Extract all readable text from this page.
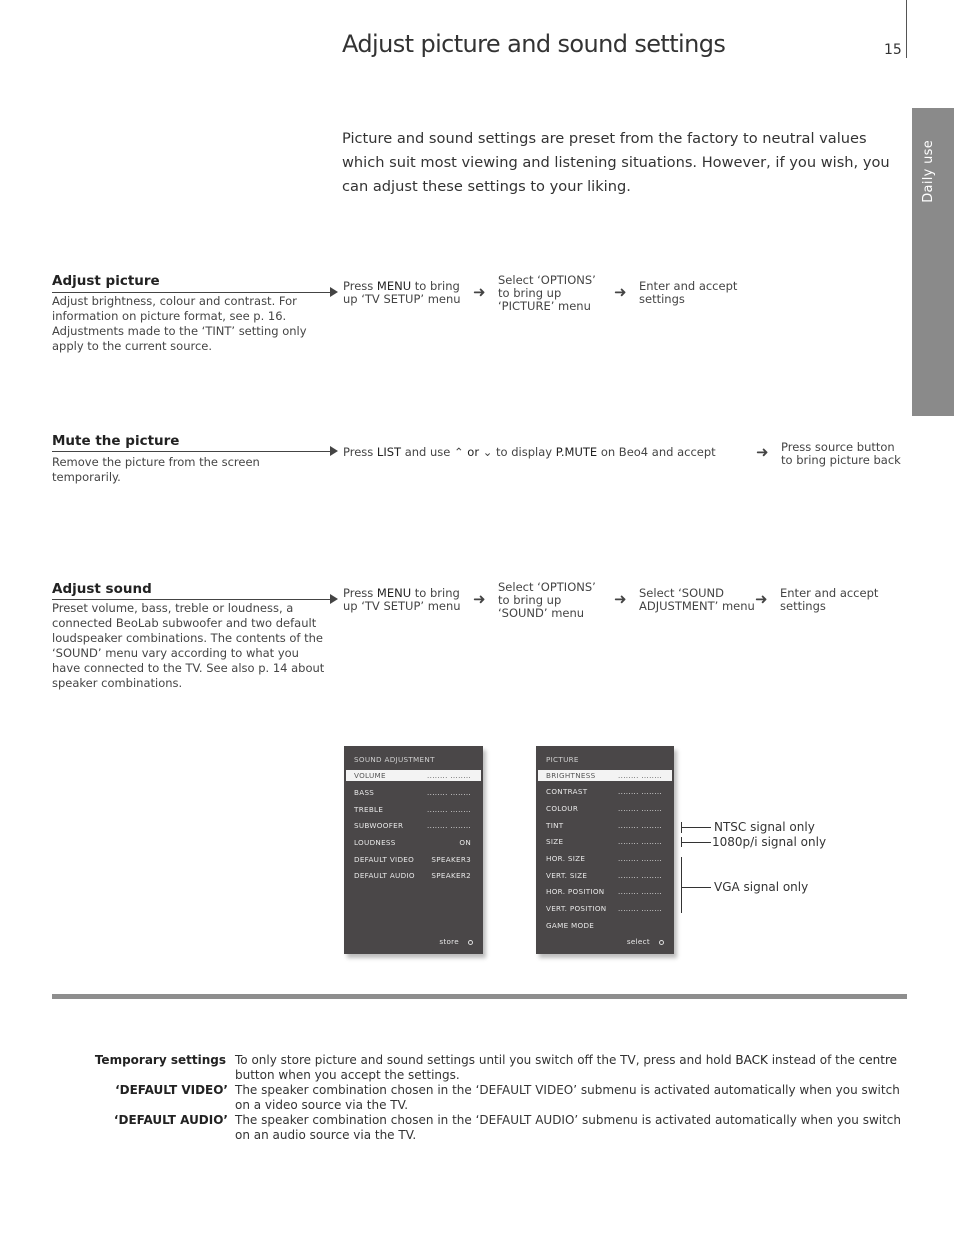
Adjust picture and sound settings	15
Daily use
Picture and sound settings are preset from the factory to neutral values which suit most viewing and listening situations. However, if you wish, you can adjust these settings to your liking.
Adjust picture
Adjust brightness, colour and contrast. For information on picture format, see p. 16. Adjustments made to the ‘TINT’ setting only apply to the current source.
Press MENU to bring up ‘TV SETUP’ menu ➜
Select ‘OPTIONS’ to bring up ‘PICTURE’ menu
➜ Enter and accept settings
Mute the picture
Remove the picture from the screen temporarily.
Press LIST and use ⌃ or ⌄ to display P.MUTE on Beo4 and accept	➜ Press source button to bring picture back
Adjust sound
Preset volume, bass, treble or loudness, a connected BeoLab subwoofer and two default loudspeaker combinations. The contents of the ‘SOUND’ menu vary according to what you have connected to the TV. See also p. 14 about speaker combinations.
Press MENU to bring up ‘TV SETUP’ menu ➜
Select ‘OPTIONS’ to bring up ‘SOUND’ menu
➜ Select ‘SOUND ADJUSTMENT’ menu ➜ Enter and accept settings
SOUND ADJUSTMENT
VOLUME	........ ........
BASS	........ ........
TREBLE	........ ........
SUBWOOFER	........ ........
LOUDNESS	ON
DEFAULT VIDEO SPEAKER3
DEFAULT AUDIO SPEAKER2
store
PICTURE
BRIGHTNESS	........ ........
CONTRAST	........ ........
COLOUR	........ ........
TINT	........ ........
SIZE	........ ........
HOR. SIZE	........ ........
VERT. SIZE	........ ........
HOR. POSITION ........ ........
VERT. POSITION ........ ........
GAME MODE
select
NTSC signal only
1080p/i signal only
VGA signal only
Temporary settings To only store picture and sound settings until you switch off the TV, press and hold BACK instead of the centre button when you accept the settings.
‘DEFAULT VIDEO’ The speaker combination chosen in the ‘DEFAULT VIDEO’ submenu is activated automatically when you switch on a video source via the TV.
‘DEFAULT AUDIO’ The speaker combination chosen in the ‘DEFAULT AUDIO’ submenu is activated automatically when you switch on an audio source via the TV.
